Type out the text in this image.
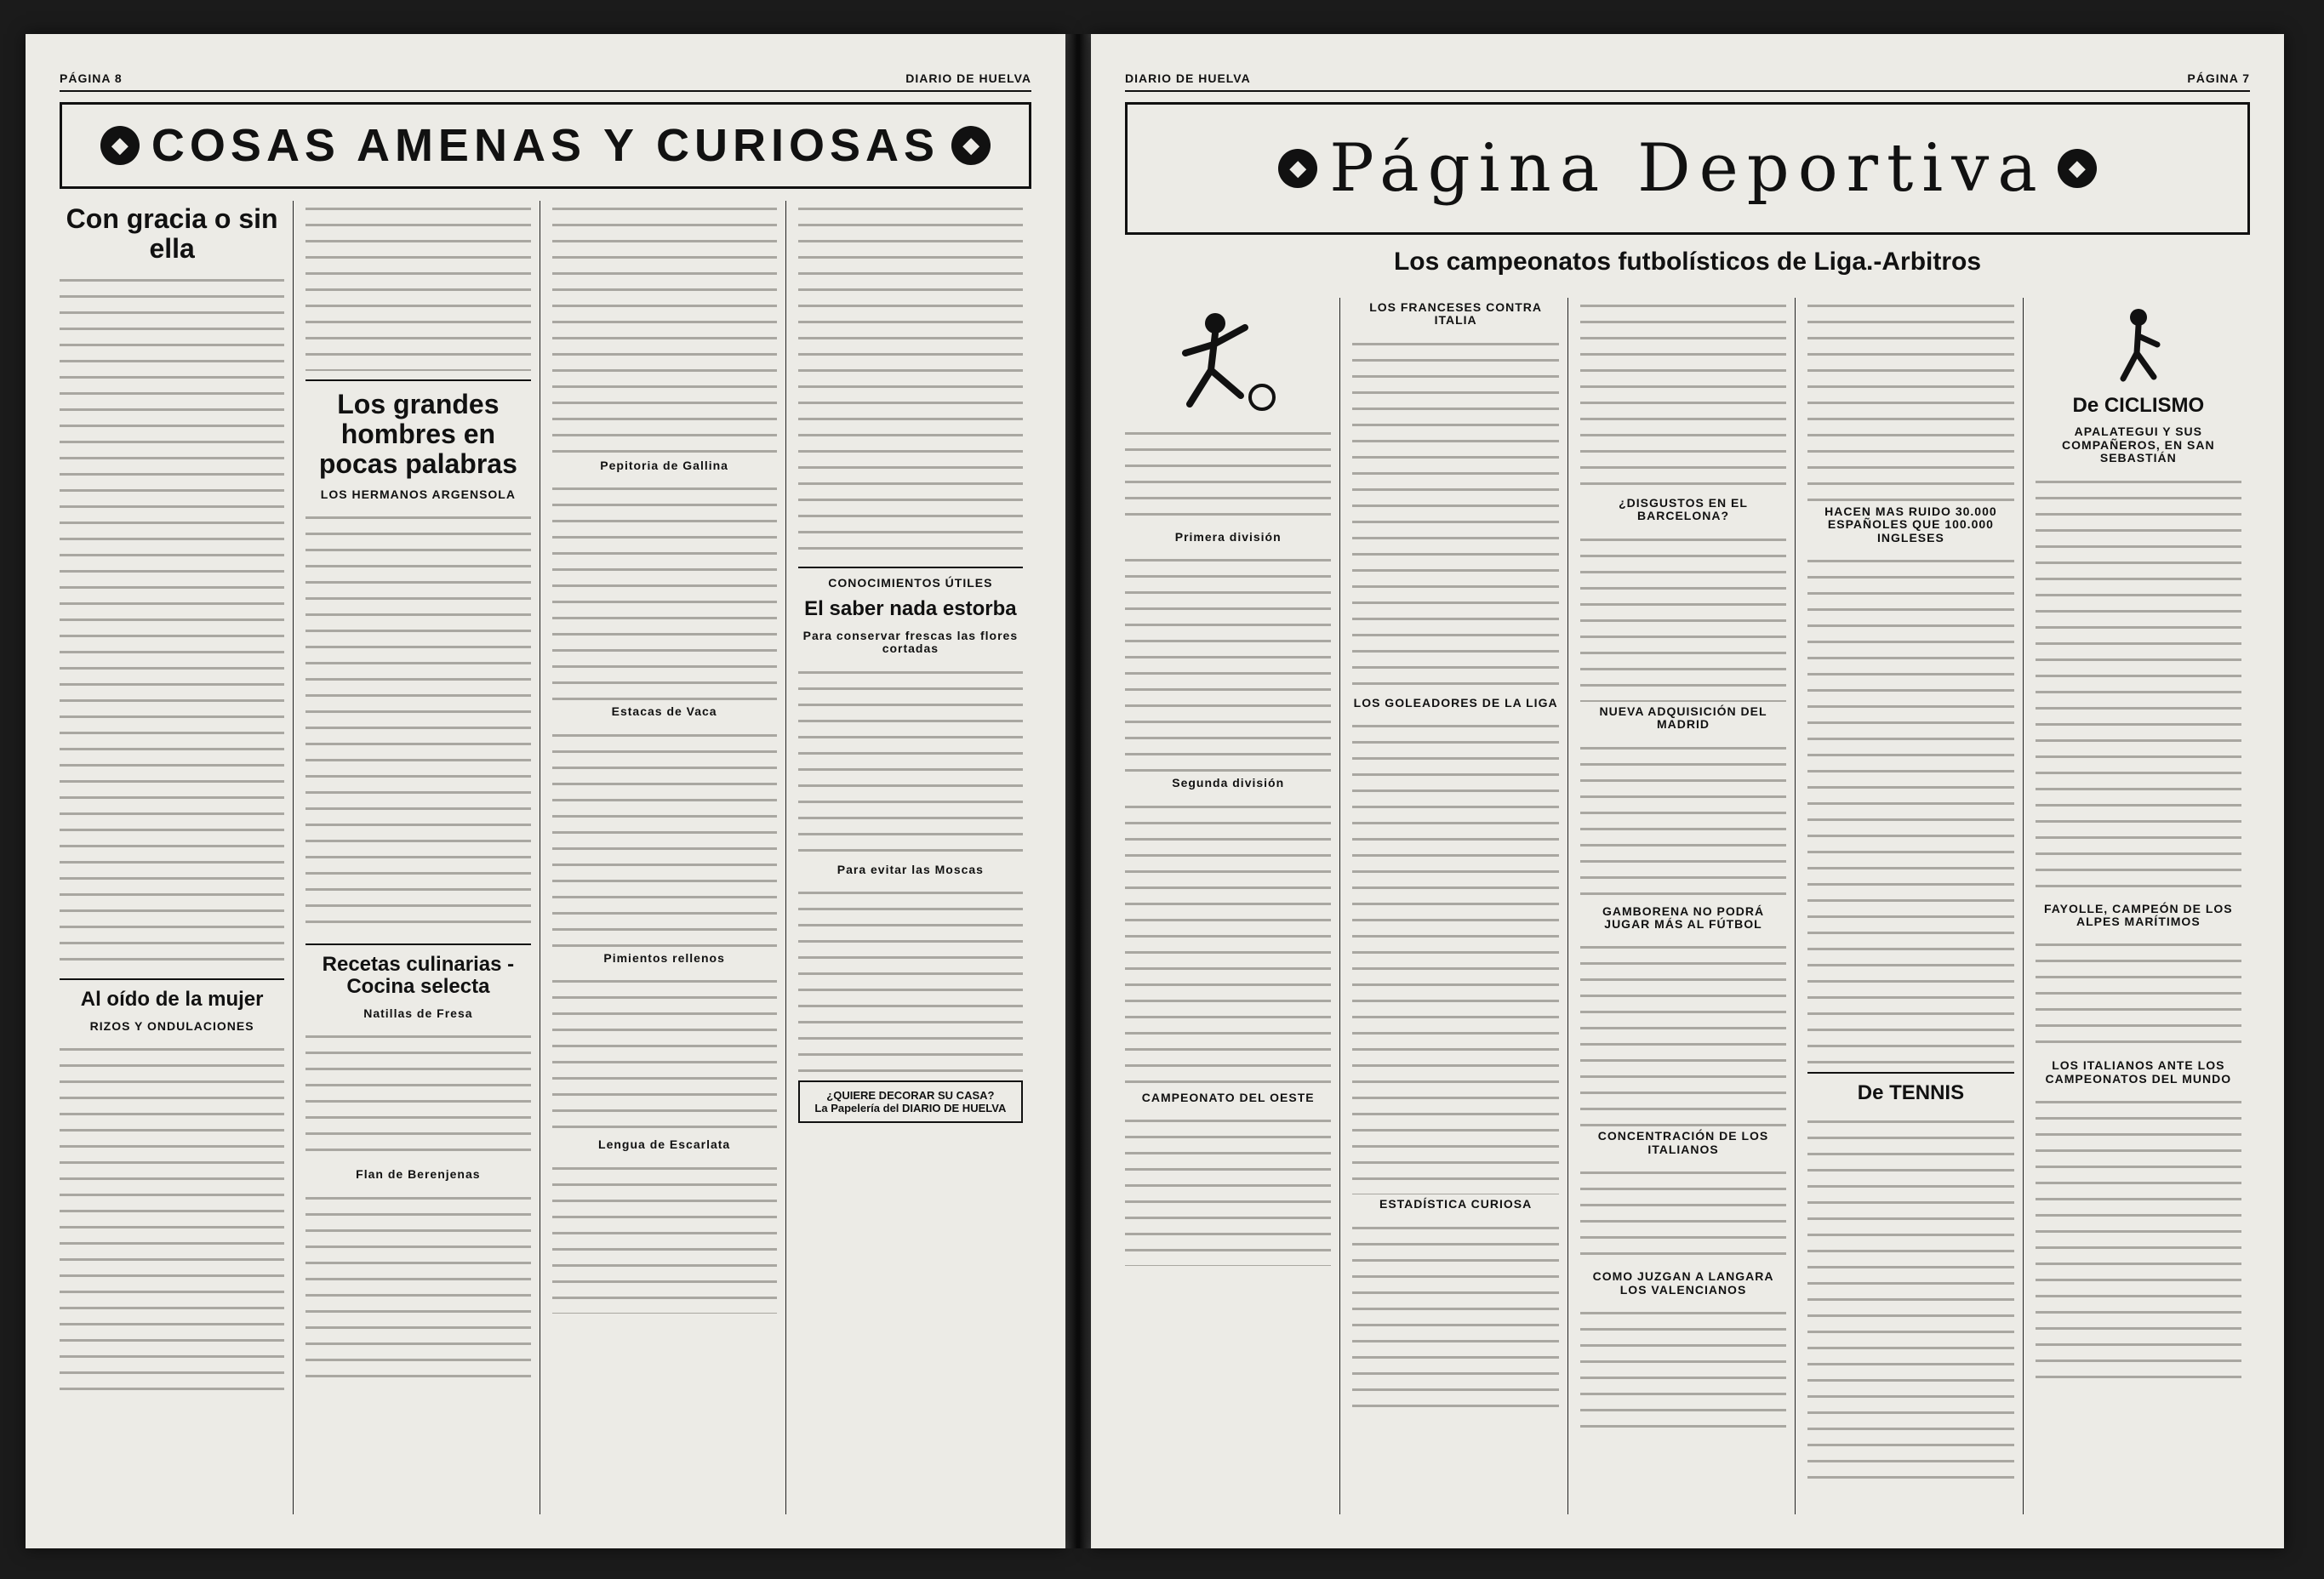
PÁGINA 8	DIARIO DE HUELVA
◆ COSAS AMENAS Y CURIOSAS	◆
Con gracia o sin ella
Al oído de la mujer
RIZOS Y ONDULACIONES
Los grandes hombres en pocas palabras
LOS HERMANOS ARGENSOLA
Recetas culinarias - Cocina selecta
Natillas de Fresa
Flan de Berenjenas
Pepitoria de Gallina
Estacas de Vaca
Pimientos rellenos
Lengua de Escarlata
CONOCIMIENTOS ÚTILES
El saber nada estorba
Para conservar frescas las flores cortadas
Para evitar las Moscas
¿QUIERE DECORAR SU CASA?
La Papelería del DIARIO DE HUELVA
DIARIO DE HUELVA	PÁGINA 7
◆ Página Deportiva	◆
Los campeonatos futbolísticos de Liga.-Arbitros
Primera división
Segunda división
CAMPEONATO DEL OESTE
LOS FRANCESES CONTRA ITALIA
LOS GOLEADORES DE LA LIGA
ESTADÍSTICA CURIOSA
¿DISGUSTOS EN EL BARCELONA?
NUEVA ADQUISICIÓN DEL MADRID
GAMBORENA NO PODRÁ JUGAR MÁS AL FÚTBOL
CONCENTRACIÓN DE LOS ITALIANOS
COMO JUZGAN A LANGARA LOS VALENCIANOS
HACEN MAS RUIDO 30.000 ESPAÑOLES QUE 100.000 INGLESES
De TENNIS
De CICLISMO
APALATEGUI Y SUS COMPAÑEROS, EN SAN SEBASTIÁN
FAYOLLE, CAMPEÓN DE LOS ALPES MARÍTIMOS
LOS ITALIANOS ANTE LOS CAMPEONATOS DEL MUNDO
